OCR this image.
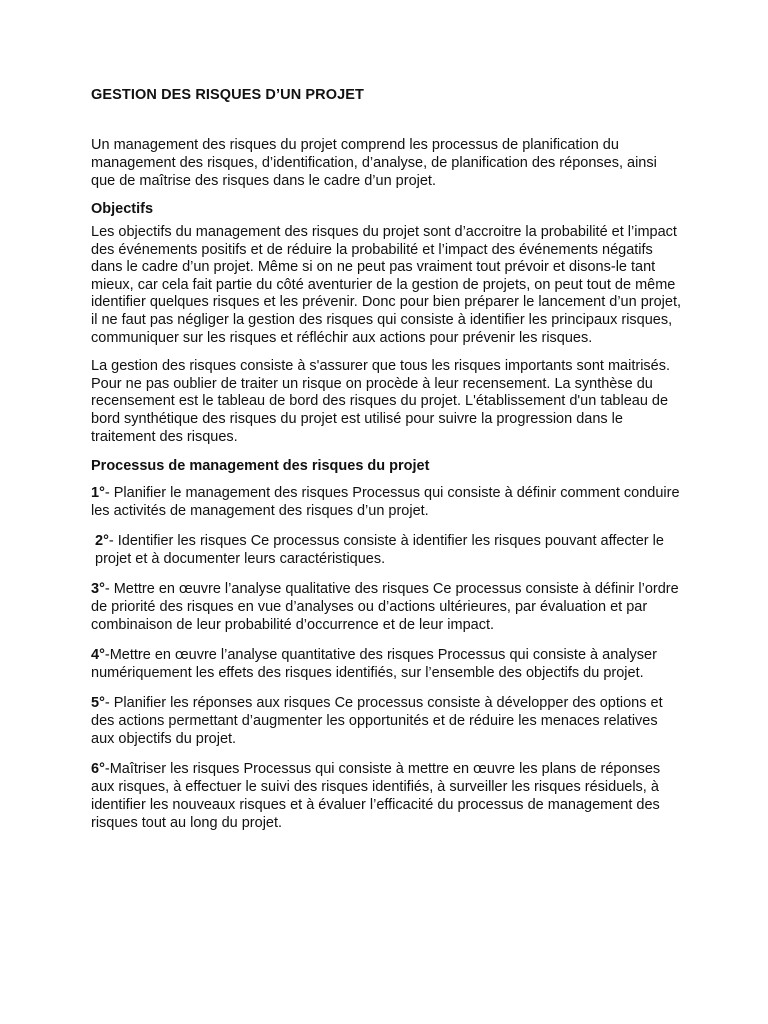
GESTION DES RISQUES D’UN PROJET

Un management des risques du projet comprend les processus de planification du management des risques, d’identification, d’analyse, de planification des réponses, ainsi que de maîtrise des risques dans le cadre d’un projet.

Objectifs

Les objectifs du management des risques du projet sont d’accroitre la probabilité et l’impact des événements positifs et de réduire la probabilité et l’impact des événements négatifs dans le cadre d’un projet. Même si on ne peut pas vraiment tout prévoir et disons-le tant mieux, car cela fait partie du côté aventurier de la gestion de projets, on peut tout de même identifier quelques risques et les prévenir. Donc pour bien préparer le lancement d’un projet, il ne faut pas négliger la gestion des risques qui consiste à identifier les principaux risques, communiquer sur les risques et réfléchir aux actions pour prévenir les risques.

La gestion des risques consiste à s'assurer que tous les risques importants sont maitrisés. Pour ne pas oublier de traiter un risque on procède à leur recensement. La synthèse du recensement est le tableau de bord des risques du projet. L'établissement d'un tableau de bord synthétique des risques du projet est utilisé pour suivre la progression dans le traitement des risques.

Processus de management des risques du projet

1°- Planifier le management des risques Processus qui consiste à définir comment conduire les activités de management des risques d’un projet.

2°- Identifier les risques Ce processus consiste à identifier les risques pouvant affecter le projet et à documenter leurs caractéristiques.

3°- Mettre en œuvre l’analyse qualitative des risques Ce processus consiste à définir l’ordre de priorité des risques en vue d’analyses ou d’actions ultérieures, par évaluation et par combinaison de leur probabilité d’occurrence et de leur impact.

4°-Mettre en œuvre l’analyse quantitative des risques Processus qui consiste à analyser numériquement les effets des risques identifiés, sur l’ensemble des objectifs du projet.

5°- Planifier les réponses aux risques Ce processus consiste à développer des options et des actions permettant d’augmenter les opportunités et de réduire les menaces relatives aux objectifs du projet.

6°-Maîtriser les risques Processus qui consiste à mettre en œuvre les plans de réponses aux risques, à effectuer le suivi des risques identifiés, à surveiller les risques résiduels, à identifier les nouveaux risques et à évaluer l’efficacité du processus de management des risques tout au long du projet.
